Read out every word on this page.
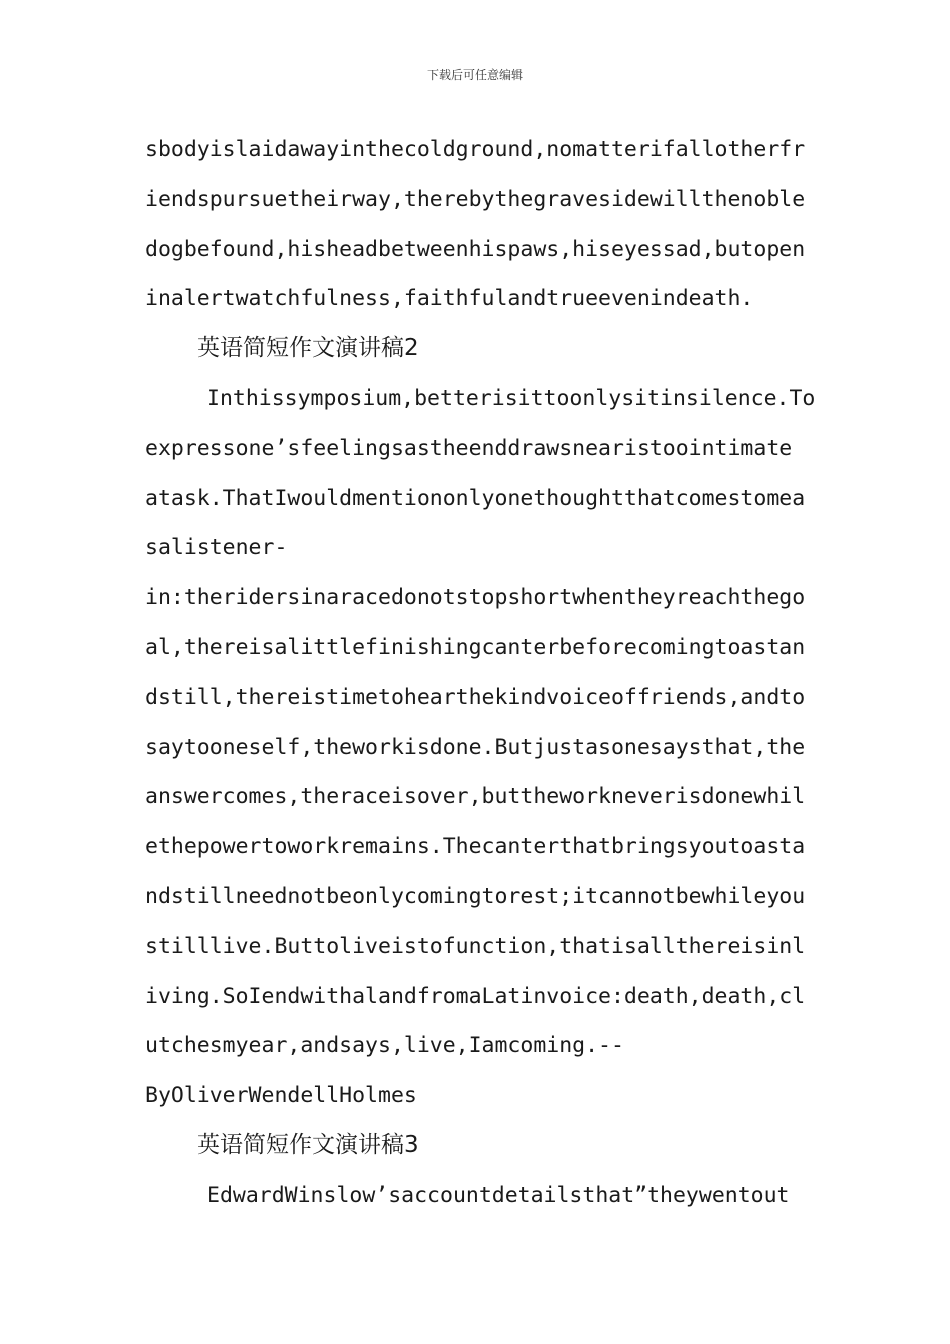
下载后可任意编辑
sbodyislaidawayinthecoldground,nomatterifallotherfr
iendspursuetheirway,therebythegravesidewillthenoble
dogbefound,hisheadbetweenhispaws,hiseyessad,butopen
inalertwatchfulness,faithfulandtrueevenindeath.
英语简短作文演讲稿2
Inthissymposium,betterisittoonlysitinsilence.To
expressone’sfeelingsastheenddrawsnearistoointimate
atask.ThatIwouldmentiononlyonethoughtthatcomestomea
salistener-
in:theridersinaracedonotstopshortwhentheyreachthego
al,thereisalittlefinishingcanterbeforecomingtoastan
dstill,thereistimetohearthekindvoiceoffriends,andto
saytooneself,theworkisdone.Butjustasonesaysthat,the
answercomes,theraceisover,buttheworkneverisdonewhil
ethepowertoworkremains.Thecanterthatbringsyoutoasta
ndstillneednotbeonlycomingtorest;itcannotbewhileyou
stilllive.Buttoliveistofunction,thatisallthereisinl
iving.SoIendwithalandfromaLatinvoice:death,death,cl
utchesmyear,andsays,live,Iamcoming.--
ByOliverWendellHolmes
英语简短作文演讲稿3
EdwardWinslow’saccountdetailsthat”theywentout
